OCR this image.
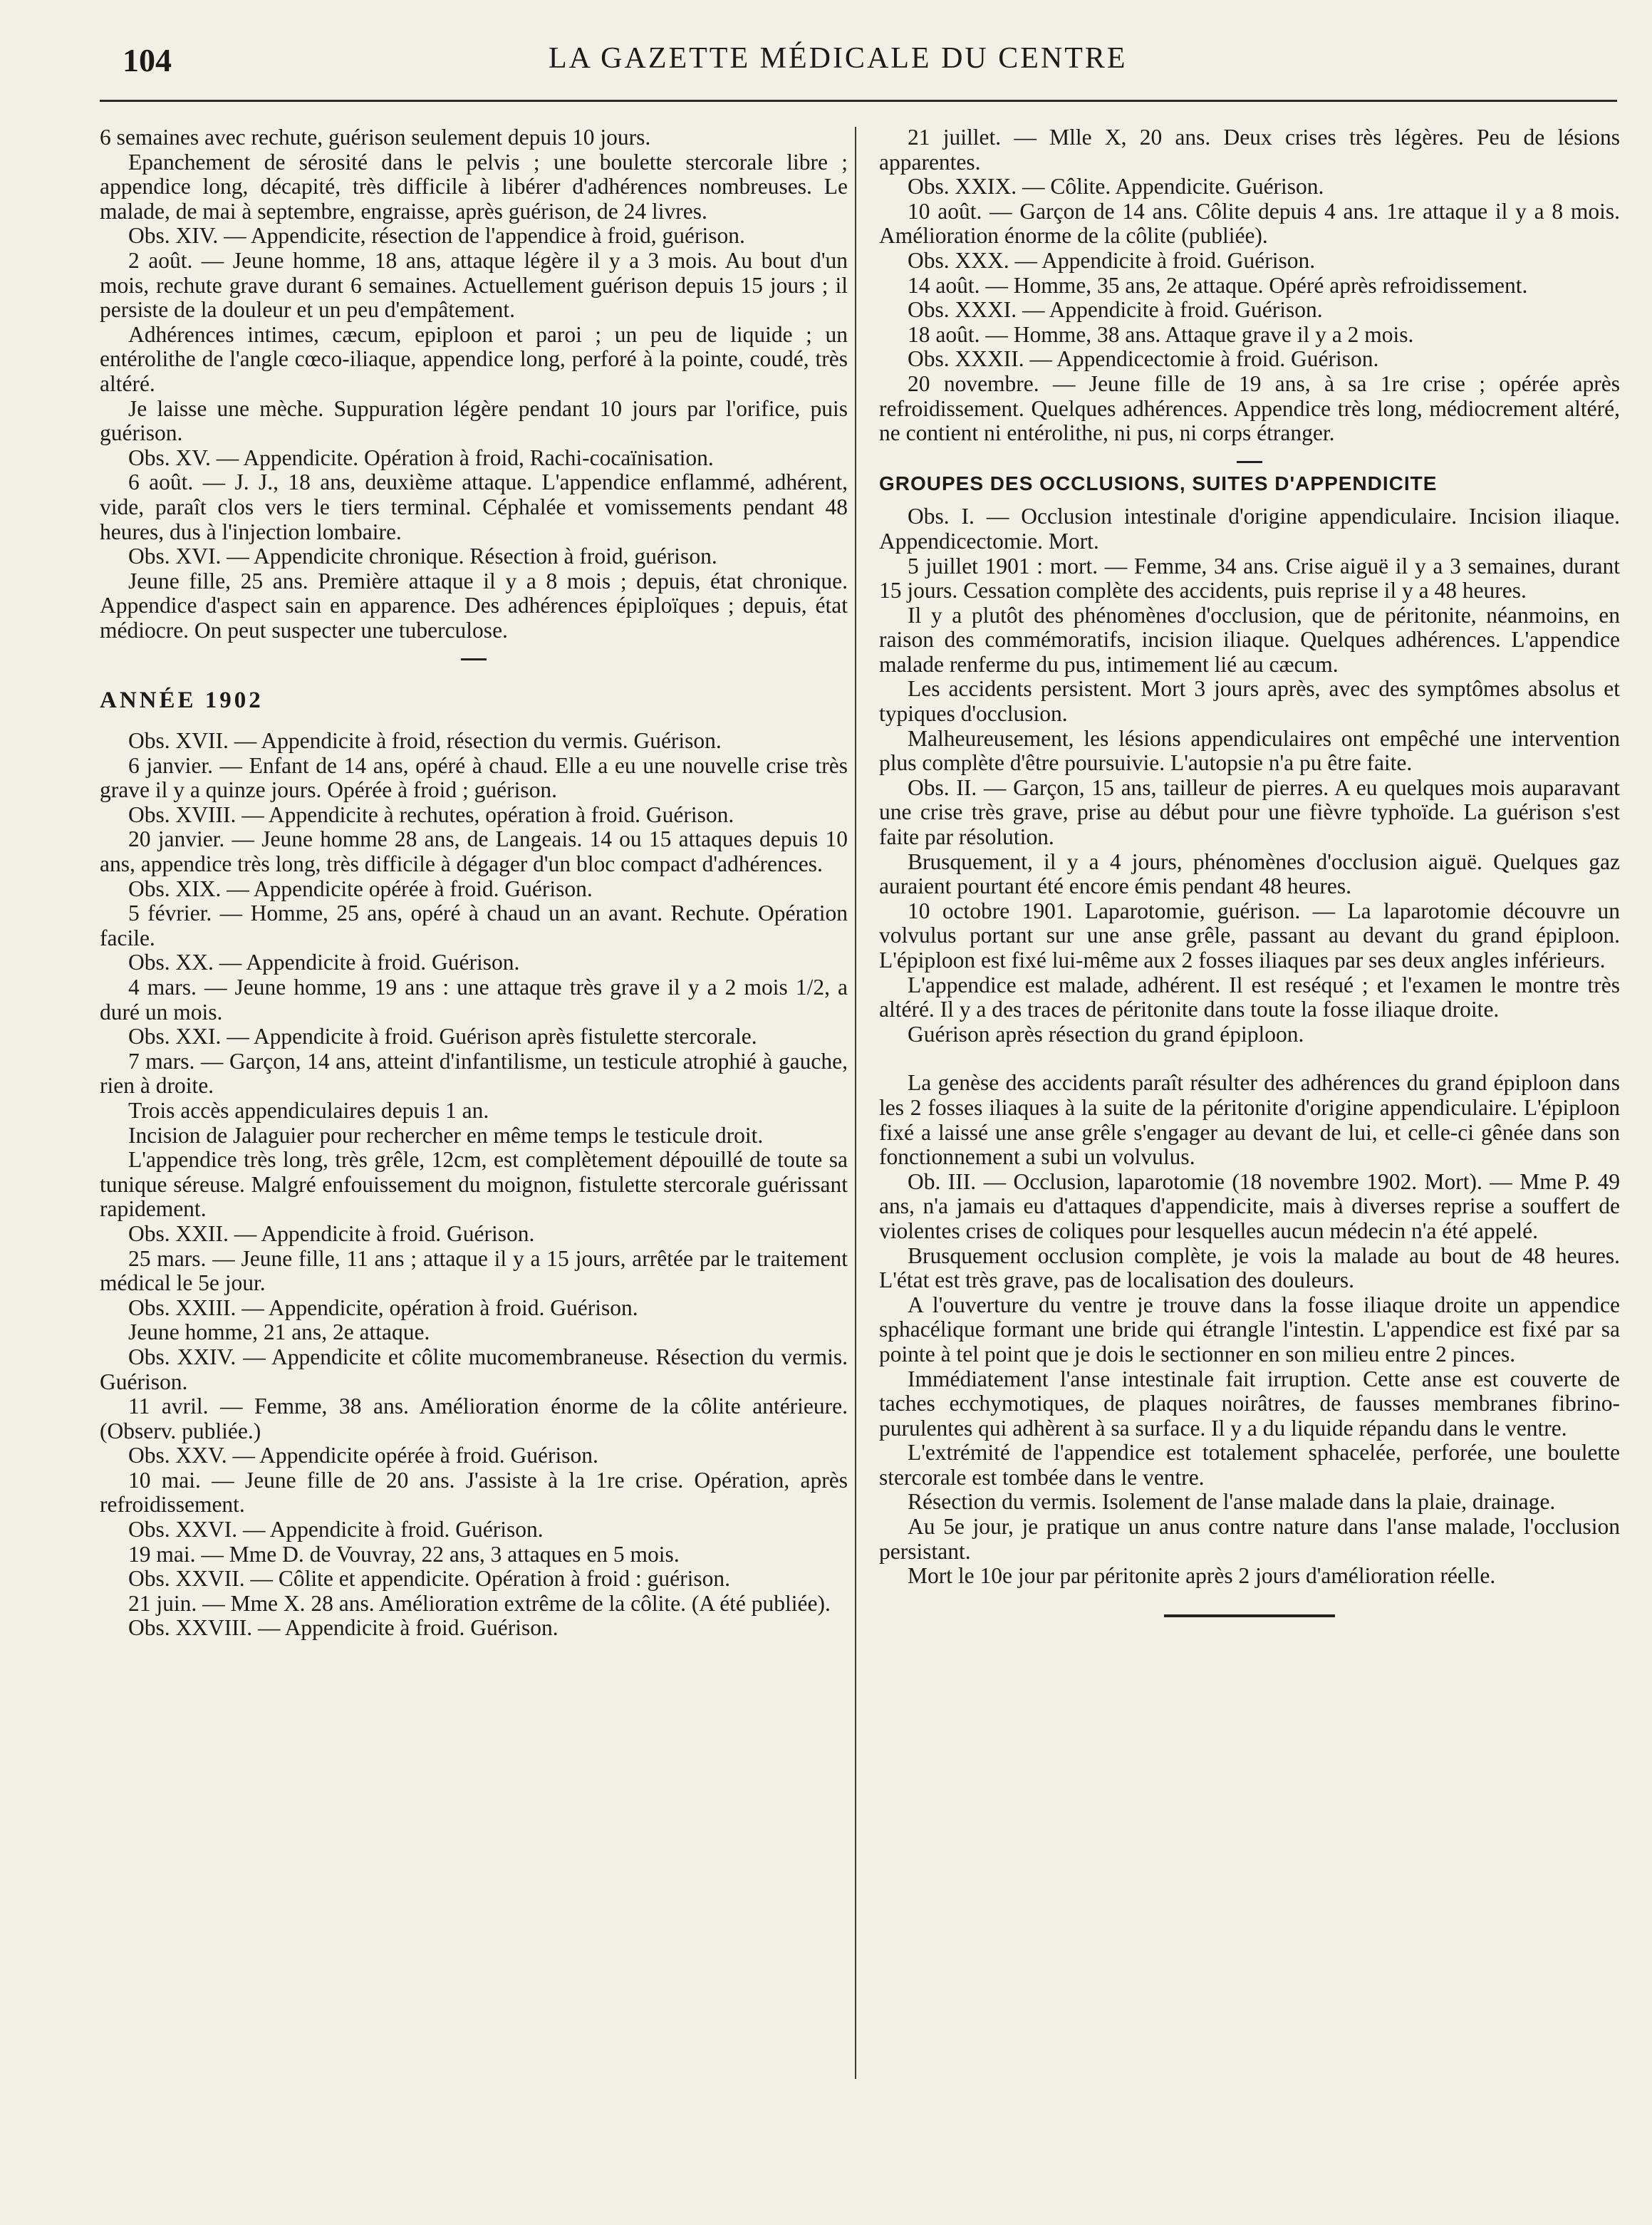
104	LA GAZETTE MÉDICALE DU CENTRE

6 semaines avec rechute, guérison seulement depuis 10 jours.

Epanchement de sérosité dans le pelvis ; une boulette stercorale libre ; appendice long, décapité, très difficile à libérer d'adhérences nombreuses. Le malade, de mai à septembre, engraisse, après guérison, de 24 livres.

Obs. XIV. — Appendicite, résection de l'appendice à froid, guérison.

2 août. — Jeune homme, 18 ans, attaque légère il y a 3 mois. Au bout d'un mois, rechute grave durant 6 semaines. Actuellement guérison depuis 15 jours ; il persiste de la douleur et un peu d'empâtement.

Adhérences intimes, cæcum, epiploon et paroi ; un peu de liquide ; un entérolithe de l'angle cœco-iliaque, appendice long, perforé à la pointe, coudé, très altéré.

Je laisse une mèche. Suppuration légère pendant 10 jours par l'orifice, puis guérison.

Obs. XV. — Appendicite. Opération à froid, Rachi-cocaïnisation.

6 août. — J. J., 18 ans, deuxième attaque. L'appendice enflammé, adhérent, vide, paraît clos vers le tiers terminal. Céphalée et vomissements pendant 48 heures, dus à l'injection lombaire.

Obs. XVI. — Appendicite chronique. Résection à froid, guérison.

Jeune fille, 25 ans. Première attaque il y a 8 mois ; depuis, état chronique. Appendice d'aspect sain en apparence. Des adhérences épiploïques ; depuis, état médiocre. On peut suspecter une tuberculose.

ANNÉE 1902

Obs. XVII. — Appendicite à froid, résection du vermis. Guérison.

6 janvier. — Enfant de 14 ans, opéré à chaud. Elle a eu une nouvelle crise très grave il y a quinze jours. Opérée à froid ; guérison.

Obs. XVIII. — Appendicite à rechutes, opération à froid. Guérison.

20 janvier. — Jeune homme 28 ans, de Langeais. 14 ou 15 attaques depuis 10 ans, appendice très long, très difficile à dégager d'un bloc compact d'adhérences.

Obs. XIX. — Appendicite opérée à froid. Guérison.

5 février. — Homme, 25 ans, opéré à chaud un an avant. Rechute. Opération facile.

Obs. XX. — Appendicite à froid. Guérison.

4 mars. — Jeune homme, 19 ans : une attaque très grave il y a 2 mois 1/2, a duré un mois.

Obs. XXI. — Appendicite à froid. Guérison après fistulette stercorale.

7 mars. — Garçon, 14 ans, atteint d'infantilisme, un testicule atrophié à gauche, rien à droite.

Trois accès appendiculaires depuis 1 an.

Incision de Jalaguier pour rechercher en même temps le testicule droit.

L'appendice très long, très grêle, 12cm, est complètement dépouillé de toute sa tunique séreuse. Malgré enfouissement du moignon, fistulette stercorale guérissant rapidement.

Obs. XXII. — Appendicite à froid. Guérison.

25 mars. — Jeune fille, 11 ans ; attaque il y a 15 jours, arrêtée par le traitement médical le 5e jour.

Obs. XXIII. — Appendicite, opération à froid. Guérison.

Jeune homme, 21 ans, 2e attaque.

Obs. XXIV. — Appendicite et côlite mucomembraneuse. Résection du vermis. Guérison.

11 avril. — Femme, 38 ans. Amélioration énorme de la côlite antérieure. (Observ. publiée.)

Obs. XXV. — Appendicite opérée à froid. Guérison.

10 mai. — Jeune fille de 20 ans. J'assiste à la 1re crise. Opération, après refroidissement.

Obs. XXVI. — Appendicite à froid. Guérison.

19 mai. — Mme D. de Vouvray, 22 ans, 3 attaques en 5 mois.

Obs. XXVII. — Côlite et appendicite. Opération à froid : guérison.

21 juin. — Mme X. 28 ans. Amélioration extrême de la côlite. (A été publiée).

Obs. XXVIII. — Appendicite à froid. Guérison.

21 juillet. — Mlle X, 20 ans. Deux crises très légères. Peu de lésions apparentes.

Obs. XXIX. — Côlite. Appendicite. Guérison.

10 août. — Garçon de 14 ans. Côlite depuis 4 ans. 1re attaque il y a 8 mois. Amélioration énorme de la côlite (publiée).

Obs. XXX. — Appendicite à froid. Guérison.

14 août. — Homme, 35 ans, 2e attaque. Opéré après refroidissement.

Obs. XXXI. — Appendicite à froid. Guérison.

18 août. — Homme, 38 ans. Attaque grave il y a 2 mois.

Obs. XXXII. — Appendicectomie à froid. Guérison.

20 novembre. — Jeune fille de 19 ans, à sa 1re crise ; opérée après refroidissement. Quelques adhérences. Appendice très long, médiocrement altéré, ne contient ni entérolithe, ni pus, ni corps étranger.

GROUPES DES OCCLUSIONS, SUITES D'APPENDICITE

Obs. I. — Occlusion intestinale d'origine appendiculaire. Incision iliaque. Appendicectomie. Mort.

5 juillet 1901 : mort. — Femme, 34 ans. Crise aiguë il y a 3 semaines, durant 15 jours. Cessation complète des accidents, puis reprise il y a 48 heures.

Il y a plutôt des phénomènes d'occlusion, que de péritonite, néanmoins, en raison des commémoratifs, incision iliaque. Quelques adhérences. L'appendice malade renferme du pus, intimement lié au cæcum.

Les accidents persistent. Mort 3 jours après, avec des symptômes absolus et typiques d'occlusion.

Malheureusement, les lésions appendiculaires ont empêché une intervention plus complète d'être poursuivie. L'autopsie n'a pu être faite.

Obs. II. — Garçon, 15 ans, tailleur de pierres. A eu quelques mois auparavant une crise très grave, prise au début pour une fièvre typhoïde. La guérison s'est faite par résolution.

Brusquement, il y a 4 jours, phénomènes d'occlusion aiguë. Quelques gaz auraient pourtant été encore émis pendant 48 heures.

10 octobre 1901. Laparotomie, guérison. — La laparotomie découvre un volvulus portant sur une anse grêle, passant au devant du grand épiploon. L'épiploon est fixé lui-même aux 2 fosses iliaques par ses deux angles inférieurs.

L'appendice est malade, adhérent. Il est reséqué ; et l'examen le montre très altéré. Il y a des traces de péritonite dans toute la fosse iliaque droite.

Guérison après résection du grand épiploon.

La genèse des accidents paraît résulter des adhérences du grand épiploon dans les 2 fosses iliaques à la suite de la péritonite d'origine appendiculaire. L'épiploon fixé a laissé une anse grêle s'engager au devant de lui, et celle-ci gênée dans son fonctionnement a subi un volvulus.

Ob. III. — Occlusion, laparotomie (18 novembre 1902. Mort). — Mme P. 49 ans, n'a jamais eu d'attaques d'appendicite, mais à diverses reprise a souffert de violentes crises de coliques pour lesquelles aucun médecin n'a été appelé.

Brusquement occlusion complète, je vois la malade au bout de 48 heures. L'état est très grave, pas de localisation des douleurs.

A l'ouverture du ventre je trouve dans la fosse iliaque droite un appendice sphacélique formant une bride qui étrangle l'intestin. L'appendice est fixé par sa pointe à tel point que je dois le sectionner en son milieu entre 2 pinces.

Immédiatement l'anse intestinale fait irruption. Cette anse est couverte de taches ecchymotiques, de plaques noirâtres, de fausses membranes fibrino-purulentes qui adhèrent à sa surface. Il y a du liquide répandu dans le ventre.

L'extrémité de l'appendice est totalement sphacelée, perforée, une boulette stercorale est tombée dans le ventre.

Résection du vermis. Isolement de l'anse malade dans la plaie, drainage.

Au 5e jour, je pratique un anus contre nature dans l'anse malade, l'occlusion persistant.

Mort le 10e jour par péritonite après 2 jours d'amélioration réelle.
